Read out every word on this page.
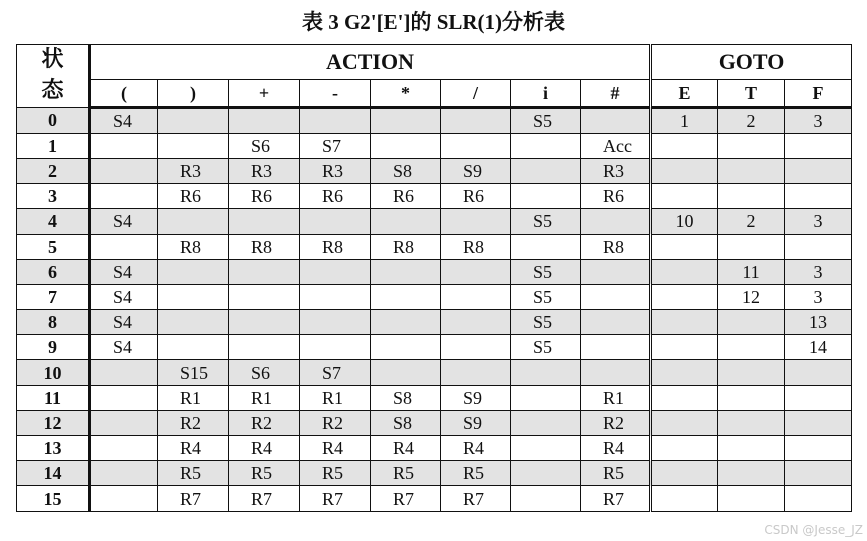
表 3 G2'[E']的 SLR(1)分析表
状
态	ACTION								GOTO		
	(	)	+	-	*	/	i	#	E	T	F
0	S4						S5		1	2	3
1			S6	S7				Acc			
2		R3	R3	R3	S8	S9		R3			
3		R6	R6	R6	R6	R6		R6			
4	S4						S5		10	2	3
5		R8	R8	R8	R8	R8		R8			
6	S4						S5			11	3
7	S4						S5			12	3
8	S4						S5				13
9	S4						S5				14
10		S15	S6	S7							
11		R1	R1	R1	S8	S9		R1			
12		R2	R2	R2	S8	S9		R2			
13		R4	R4	R4	R4	R4		R4			
14		R5	R5	R5	R5	R5		R5			
15		R7	R7	R7	R7	R7		R7			
CSDN @Jesse_JZ
